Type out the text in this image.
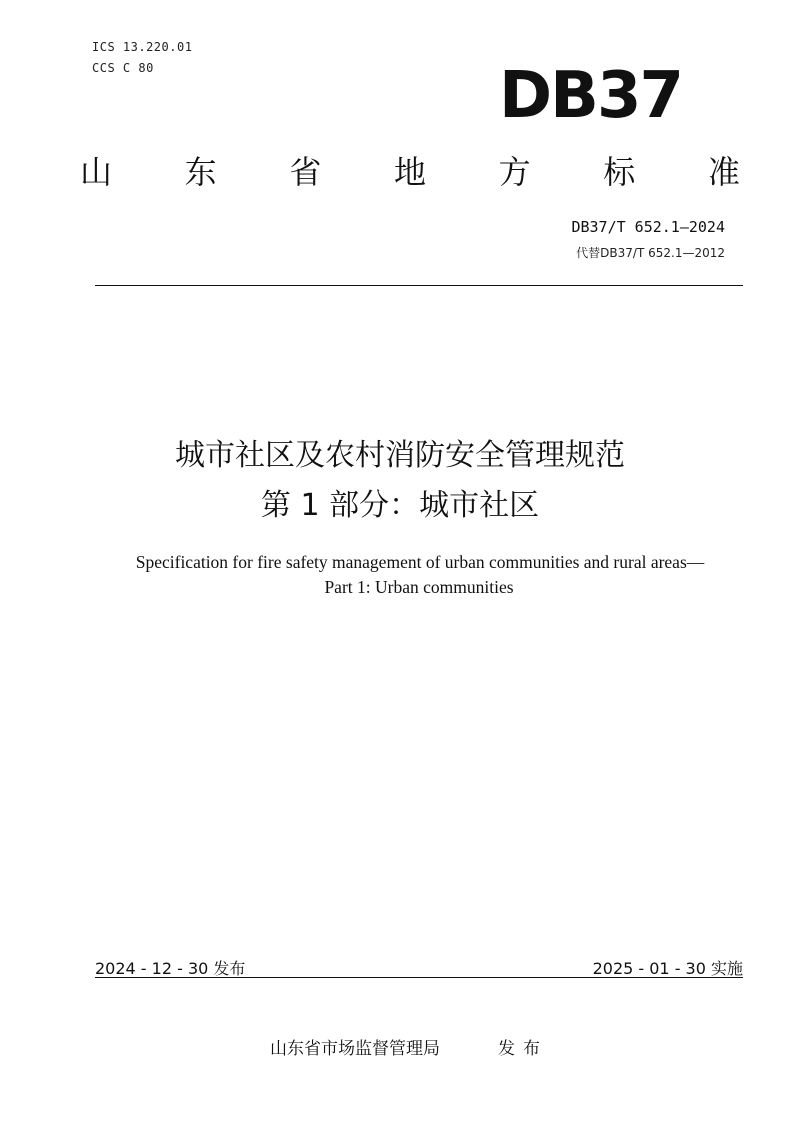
ICS 13.220.01
CCS C 80	DB37
山 东 省 地 方 标 准
DB37/T 652.1—2024
代替DB37/T 652.1—2012
城市社区及农村消防安全管理规范
第 1 部分：城市社区
Specification for fire safety management of urban communities and rural areas—
Part 1: Urban communities
2024 - 12 - 30 发布	2025 - 01 - 30 实施
山东省市场监督管理局	发布
